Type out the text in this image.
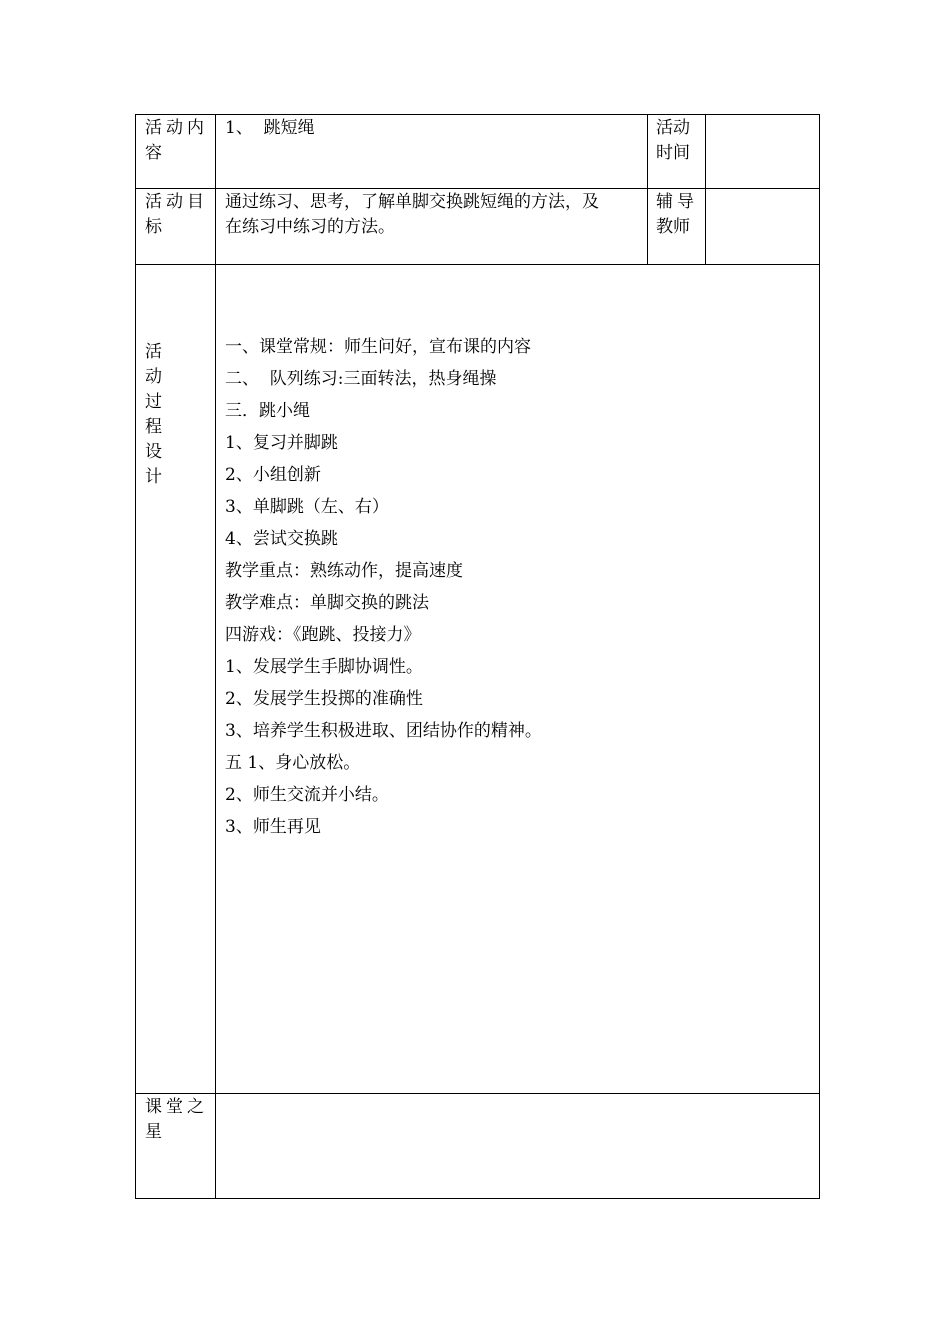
活动内
容
1、  跳短绳	活动
时间
活动目
标
通过练习、思考，了解单脚交换跳短绳的方法，及
在练习中练习的方法。
辅导
教师
活
动
过
程
设
计
一、课堂常规：师生问好，宣布课的内容
二、  队列练习:三面转法，热身绳操
三．跳小绳
1、复习并脚跳
2、小组创新
3、单脚跳（左、右）
4、尝试交换跳
教学重点：熟练动作，提高速度
教学难点：单脚交换的跳法
四游戏：《跑跳、投接力》
1、发展学生手脚协调性。
2、发展学生投掷的准确性
3、培养学生积极进取、团结协作的精神。
五 1、身心放松。
2、师生交流并小结。
3、师生再见
课堂之
星
